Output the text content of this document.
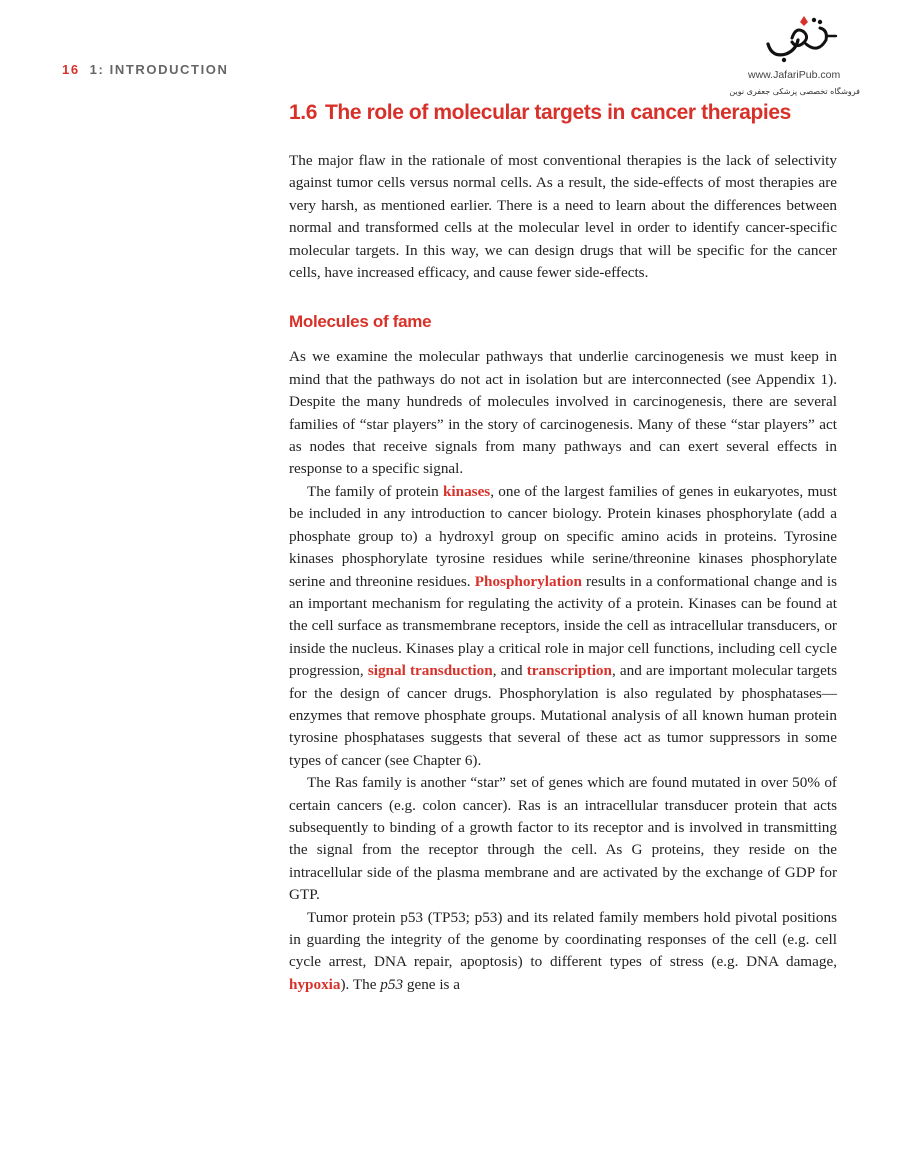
16 1: INTRODUCTION	www.JafariPub.com
فروشگاه تخصصی پزشکی جعفری نوین
1.6 The role of molecular targets in cancer therapies

The major flaw in the rationale of most conventional therapies is the lack of selectivity against tumor cells versus normal cells. As a result, the side-effects of most therapies are very harsh, as mentioned earlier. There is a need to learn about the differences between normal and transformed cells at the molecular level in order to identify cancer-specific molecular targets. In this way, we can design drugs that will be specific for the cancer cells, have increased efficacy, and cause fewer side-effects.

Molecules of fame

As we examine the molecular pathways that underlie carcinogenesis we must keep in mind that the pathways do not act in isolation but are interconnected (see Appendix 1). Despite the many hundreds of molecules involved in carcinogenesis, there are several families of “star players” in the story of carcinogenesis. Many of these “star players” act as nodes that receive signals from many pathways and can exert several effects in response to a specific signal.

The family of protein kinases, one of the largest families of genes in eukaryotes, must be included in any introduction to cancer biology. Protein kinases phosphorylate (add a phosphate group to) a hydroxyl group on specific amino acids in proteins. Tyrosine kinases phosphorylate tyrosine residues while serine/threonine kinases phosphorylate serine and threonine residues. Phosphorylation results in a conformational change and is an important mechanism for regulating the activity of a protein. Kinases can be found at the cell surface as transmembrane receptors, inside the cell as intracellular transducers, or inside the nucleus. Kinases play a critical role in major cell functions, including cell cycle progression, signal transduction, and transcription, and are important molecular targets for the design of cancer drugs. Phosphorylation is also regulated by phosphatases—enzymes that remove phosphate groups. Mutational analysis of all known human protein tyrosine phosphatases suggests that several of these act as tumor suppressors in some types of cancer (see Chapter 6).

The Ras family is another “star” set of genes which are found mutated in over 50% of certain cancers (e.g. colon cancer). Ras is an intracellular transducer protein that acts subsequently to binding of a growth factor to its receptor and is involved in transmitting the signal from the receptor through the cell. As G proteins, they reside on the intracellular side of the plasma membrane and are activated by the exchange of GDP for GTP.

Tumor protein p53 (TP53; p53) and its related family members hold pivotal positions in guarding the integrity of the genome by coordinating responses of the cell (e.g. cell cycle arrest, DNA repair, apoptosis) to different types of stress (e.g. DNA damage, hypoxia). The p53 gene is a
